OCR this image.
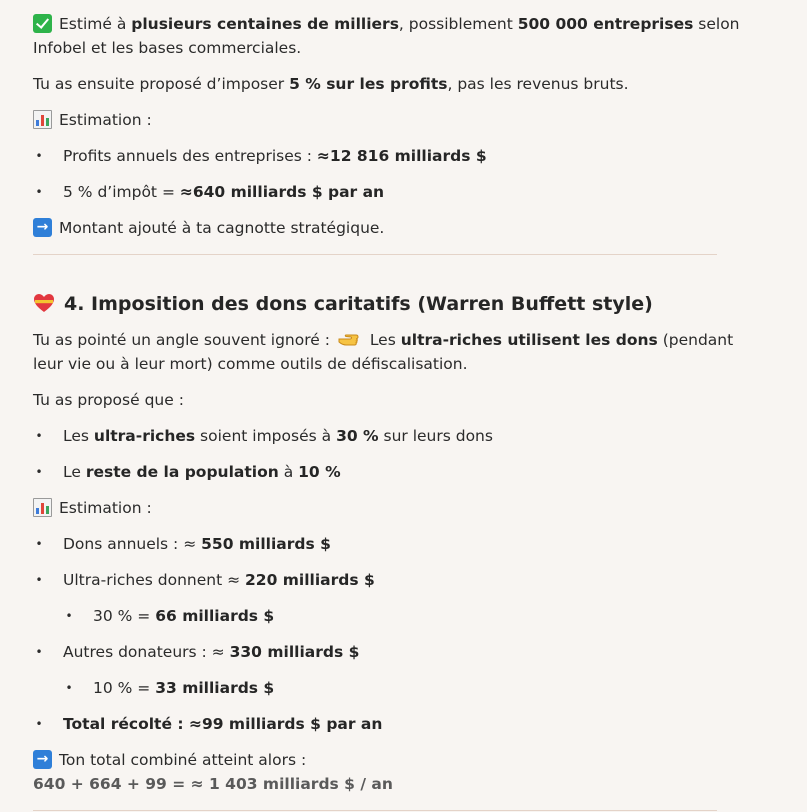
Estimé à plusieurs centaines de milliers, possiblement 500 000 entreprises selon
Infobel et les bases commerciales.
Tu as ensuite proposé d’imposer 5 % sur les profits, pas les revenus bruts.
Estimation :
• Profits annuels des entreprises : ≈12 816 milliards $
• 5 % d’impôt = ≈640 milliards $ par an
→Montant ajouté à ta cagnotte stratégique.
4. Imposition des dons caritatifs (Warren Buffett style)
Tu as pointé un angle souvent ignoré :  Les ultra-riches utilisent les dons (pendant
leur vie ou à leur mort) comme outils de défiscalisation.
Tu as proposé que :
• Les ultra-riches soient imposés à 30 % sur leurs dons
• Le reste de la population à 10 %
Estimation :
• Dons annuels : ≈ 550 milliards $
• Ultra-riches donnent ≈ 220 milliards $
• 30 % = 66 milliards $
• Autres donateurs : ≈ 330 milliards $
• 10 % = 33 milliards $
• Total récolté : ≈99 milliards $ par an
→Ton total combiné atteint alors :
640 + 664 + 99 = ≈ 1 403 milliards $ / an
